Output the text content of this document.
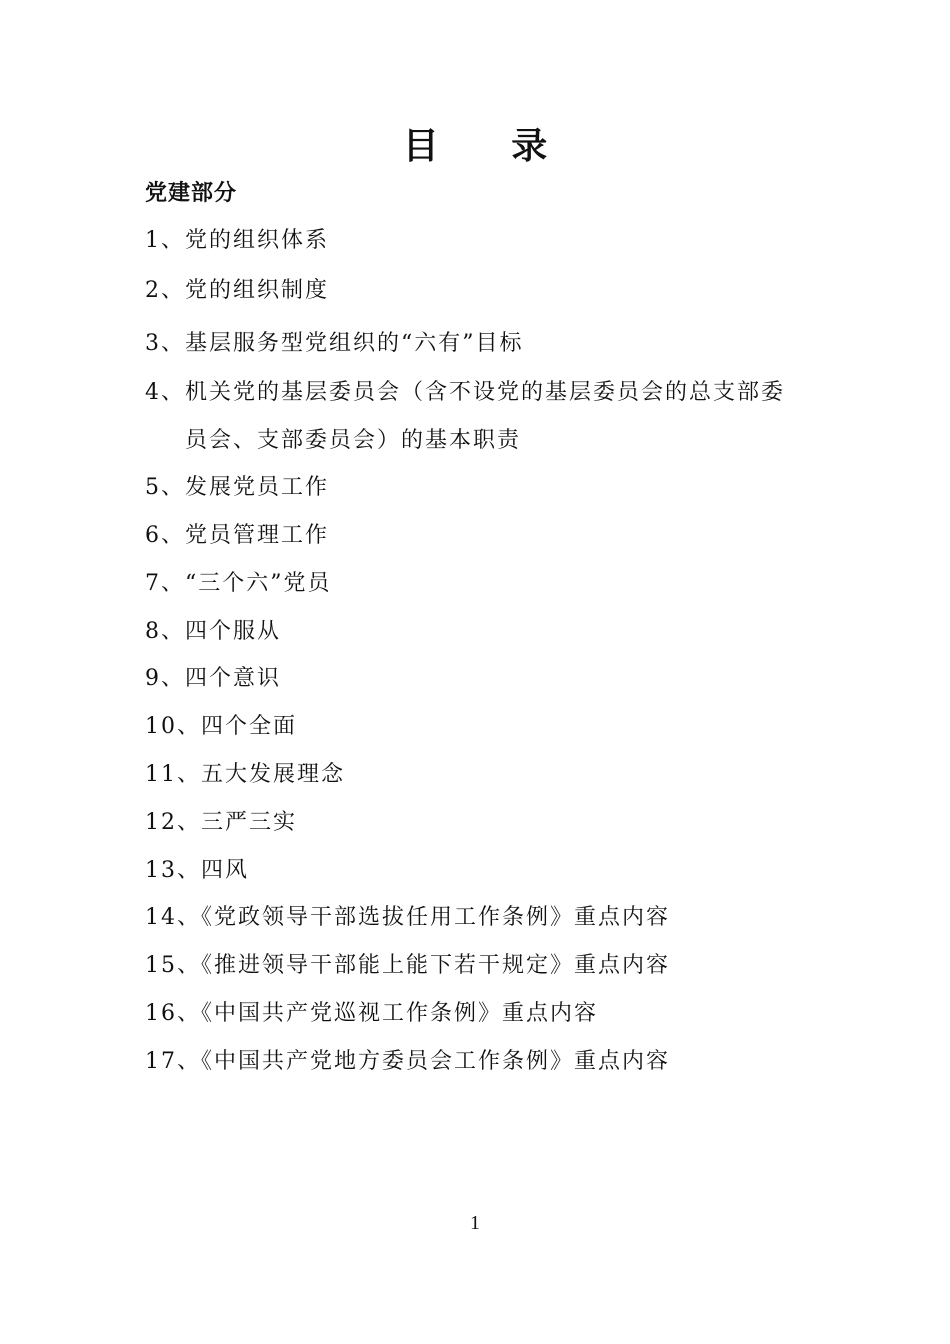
目 录
党建部分
1、党的组织体系
2、党的组织制度
3、基层服务型党组织的“六有”目标
4、机关党的基层委员会（含不设党的基层委员会的总支部委
员会、支部委员会）的基本职责
5、发展党员工作
6、党员管理工作
7、“三个六”党员
8、四个服从
9、四个意识
10、四个全面
11、五大发展理念
12、三严三实
13、四风
14、《党政领导干部选拔任用工作条例》重点内容
15、《推进领导干部能上能下若干规定》重点内容
16、《中国共产党巡视工作条例》重点内容
17、《中国共产党地方委员会工作条例》重点内容
1
